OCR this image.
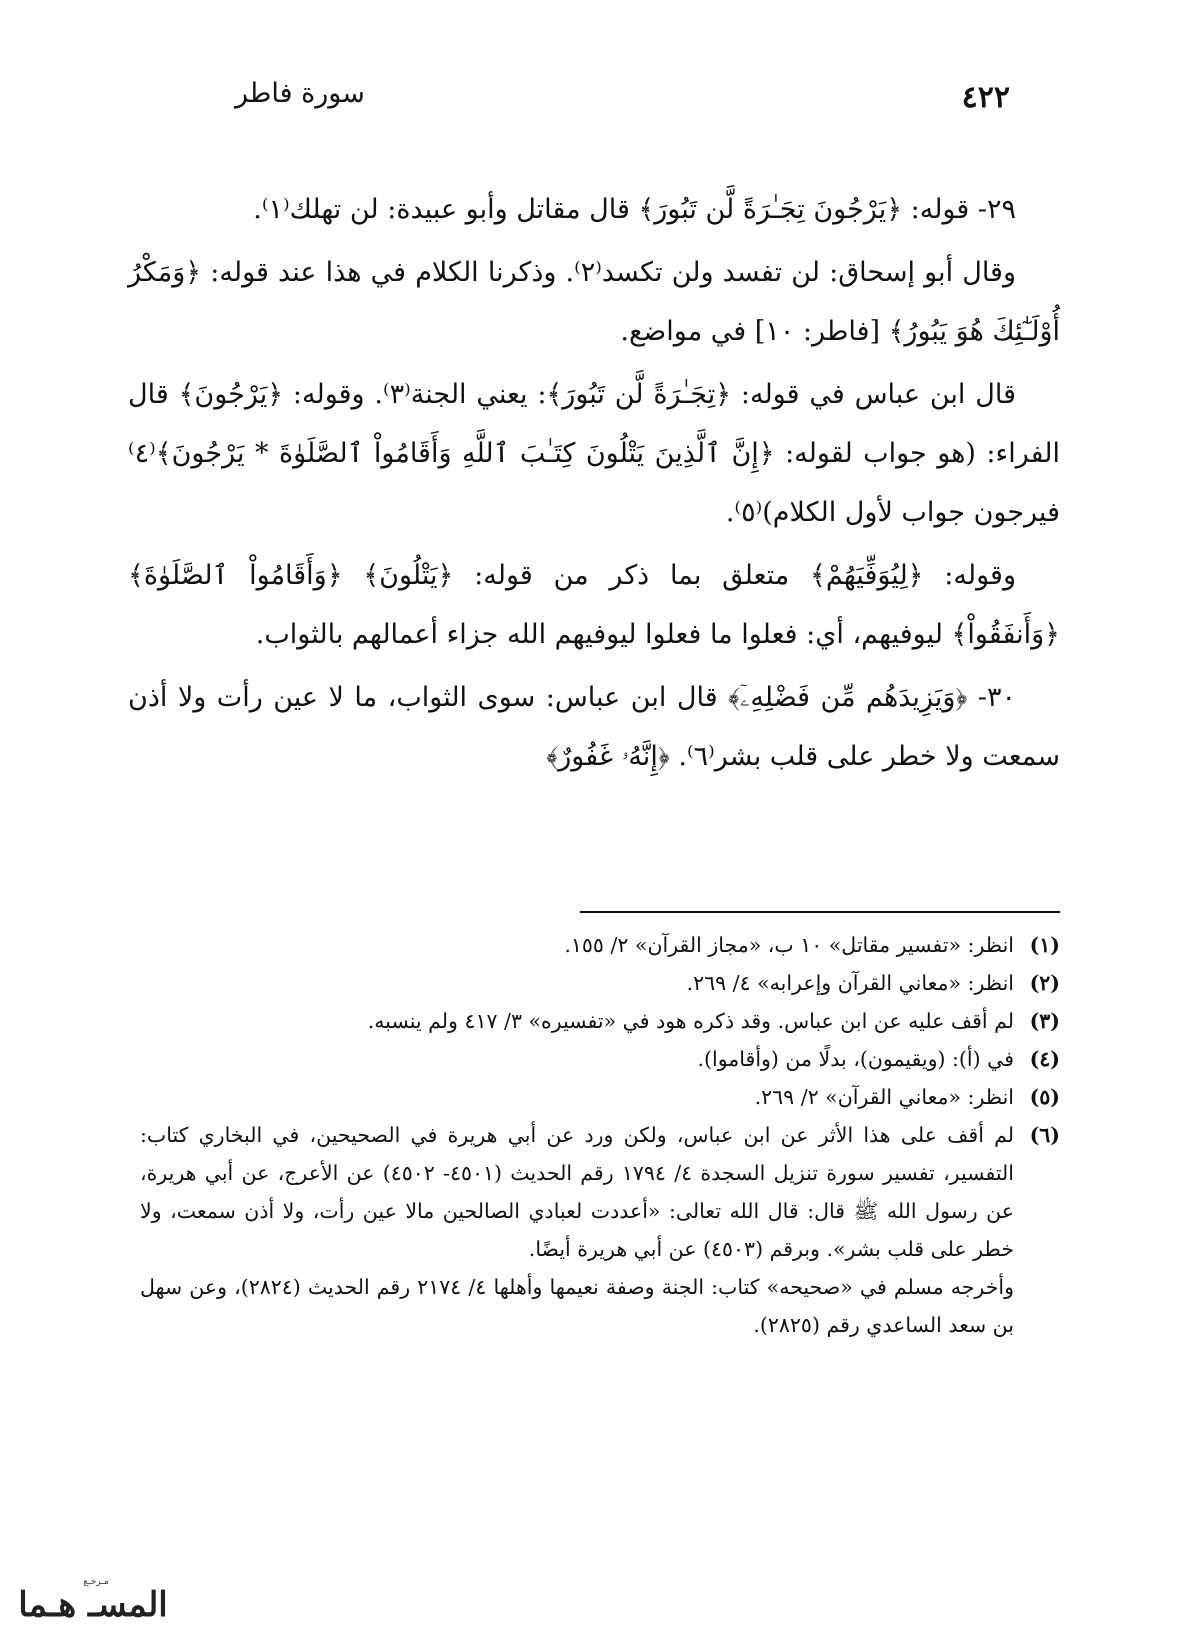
٤٢٢
سورة فاطر

٢٩- قوله: ﴿يَرْجُونَ تِجَـٰرَةً لَّن تَبُورَ﴾ قال مقاتل وأبو عبيدة: لن تهلك⁽١⁾.

وقال أبو إسحاق: لن تفسد ولن تكسد⁽٢⁾. وذكرنا الكلام في هذا عند قوله: ﴿وَمَكْرُ أُوْلَـٰٓئِكَ هُوَ يَبُورُ﴾ [فاطر: ١٠] في مواضع.

قال ابن عباس في قوله: ﴿تِجَـٰرَةً لَّن تَبُورَ﴾: يعني الجنة⁽٣⁾. وقوله: ﴿يَرْجُونَ﴾ قال الفراء: (هو جواب لقوله: ﴿إِنَّ ٱلَّذِينَ يَتْلُونَ كِتَـٰبَ ٱللَّهِ وَأَقَامُواْ ٱلصَّلَوٰةَ * يَرْجُونَ﴾⁽٤⁾ فيرجون جواب لأول الكلام)⁽٥⁾.

وقوله: ﴿لِيُوَفِّيَهُمْ﴾ متعلق بما ذكر من قوله: ﴿يَتْلُونَ﴾ ﴿وَأَقَامُواْ ٱلصَّلَوٰةَ﴾ ﴿وَأَنفَقُواْ﴾ ليوفيهم، أي: فعلوا ما فعلوا ليوفيهم الله جزاء أعمالهم بالثواب.

٣٠- ﴿وَيَزِيدَهُم مِّن فَضْلِهِۦٓ﴾ قال ابن عباس: سوى الثواب، ما لا عين رأت ولا أذن سمعت ولا خطر على قلب بشر⁽٦⁾. ﴿إِنَّهُۥ غَفُورٌ﴾

(١)
انظر: «تفسير مقاتل» ١٠ ب، «مجاز القرآن» ٢/ ١٥٥.
(٢)
انظر: «معاني القرآن وإعرابه» ٤/ ٢٦٩.
(٣)
لم أقف عليه عن ابن عباس. وقد ذكره هود في «تفسيره» ٣/ ٤١٧ ولم ينسبه.
(٤)
في (أ): (ويقيمون)، بدلًا من (وأقاموا).
(٥)
انظر: «معاني القرآن» ٢/ ٢٦٩.
(٦)
لم أقف على هذا الأثر عن ابن عباس، ولكن ورد عن أبي هريرة في الصحيحين، في البخاري كتاب: التفسير، تفسير سورة تنزيل السجدة ٤/ ١٧٩٤ رقم الحديث (٤٥٠١- ٤٥٠٢) عن الأعرج، عن أبي هريرة، عن رسول الله ﷺ قال: قال الله تعالى: «أعددت لعبادي الصالحين مالا عين رأت، ولا أذن سمعت، ولا خطر على قلب بشر». وبرقم (٤٥٠٣) عن أبي هريرة أيضًا.
وأخرجه مسلم في «صحيحه» كتاب: الجنة وصفة نعيمها وأهلها ٤/ ٢١٧٤ رقم الحديث (٢٨٢٤)، وعن سهل بن سعد الساعدي رقم (٢٨٢٥).
مـرخـع
المسـ هـما
